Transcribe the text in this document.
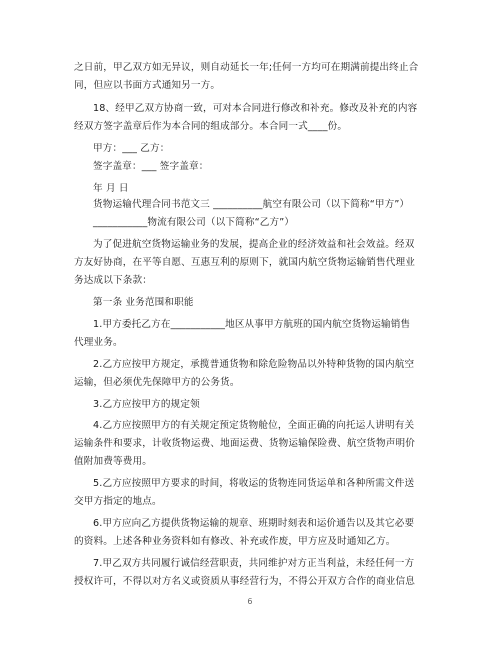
之日前，甲乙双方如无异议，则自动延长一年;任何一方均可在期满前提出终止合
同，但应以书面方式通知另一方。
18、经甲乙双方协商一致，可对本合同进行修改和补充。修改及补充的内容
经双方签字盖章后作为本合同的组成部分。本合同一式____份。
甲方：___ 乙方：
签字盖章：___ 签字盖章：
年 月 日
货物运输代理合同书范文三 __________航空有限公司（以下简称“甲方”）
___________物流有限公司（以下简称“乙方”）
为了促进航空货物运输业务的发展，提高企业的经济效益和社会效益。经双
方友好协商，在平等自愿、互惠互利的原则下，就国内航空货物运输销售代理业
务达成以下条款：
第一条 业务范围和职能
1.甲方委托乙方在___________地区从事甲方航班的国内航空货物运输销售
代理业务。
2.乙方应按甲方规定，承揽普通货物和除危险物品以外特种货物的国内航空
运输，但必须优先保障甲方的公务货。
3.乙方应按甲方的规定领
4.乙方应按照甲方的有关规定预定货物舱位，全面正确的向托运人讲明有关
运输条件和要求，计收货物运费、地面运费、货物运输保险费、航空货物声明价
值附加费等费用。
5.乙方应按照甲方要求的时间，将收运的货物连同货运单和各种所需文件送
交甲方指定的地点。
6.甲方应向乙方提供货物运输的规章、班期时刻表和运价通告以及其它必要
的资料。上述各种业务资料如有修改、补充或作废，甲方应及时通知乙方。
7.甲乙双方共同履行诚信经营职责，共同维护对方正当利益，未经任何一方
授权许可，不得以对方名义或资质从事经营行为，不得公开双方合作的商业信息
6
